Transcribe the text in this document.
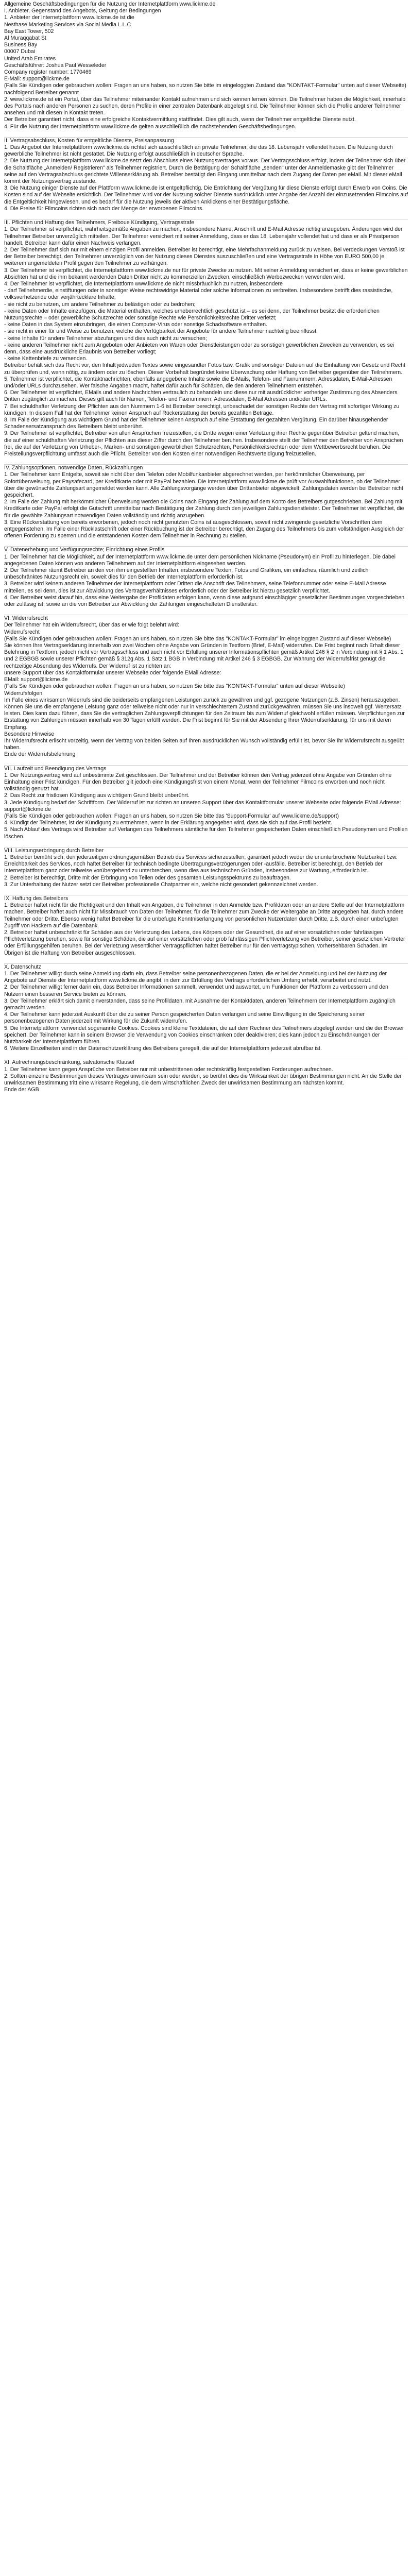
Allgemeine Geschäftsbedingungen für die Nutzung der Internetplattform www.lickme.de

I. Anbieter, Gegenstand des Angebots, Geltung der Bedingungen

1. Anbieter der Internetplattform www.lickme.de ist die

Nesthase Marketing Services via Social Media L.L.C
Bay East Tower, 502
Al Muraqqabat St
Business Bay
00007 Dubai
United Arab Emirates

Geschäftsführer: Joshua Paul Wesseleder
Company register number: 1770469

E-Mail: support@lickme.de
(Falls Sie Kündigen oder gebrauchen wollen: Fragen an uns haben, so nutzen Sie bitte im eingeloggten Zustand das "KONTAKT-Formular" unten auf dieser Webseite)

nachfolgend Betreiber genannt

2. www.lickme.de ist ein Portal, über das Teilnehmer miteinander Kontakt aufnehmen und sich kennen lernen können. Die Teilnehmer haben die Möglichkeit, innerhalb des Portals nach anderen Personen zu suchen, deren Profile in einer zentralen Datenbank abgelegt sind. Die Teilnehmer können sich die Profile anderer Teilnehmer ansehen und mit diesen in Kontakt treten.
Der Betreiber garantiert nicht, dass eine erfolgreiche Kontaktvermittlung stattfindet. Dies gilt auch, wenn der Teilnehmer entgeltliche Dienste nutzt.
4. Für die Nutzung der Internetplattform www.lickme.de gelten ausschließlich die nachstehenden Geschäftsbedingungen.

II. Vertragsabschluss, Kosten für entgeltliche Dienste, Preisanpassung

1. Das Angebot der Internetplattform www.lickme.de richtet sich ausschließlich an private Teilnehmer, die das 18. Lebensjahr vollendet haben. Die Nutzung durch gewerbliche Teilnehmer ist nicht gestattet. Die Nutzung erfolgt ausschließlich in deutscher Sprache.
2. Die Nutzung der Internetplattform www.lickme.de setzt den Abschluss eines Nutzungsvertrages voraus. Der Vertragsschluss erfolgt, indem der Teilnehmer sich über die Schaltfläche „Anmelden/ Registrieren" als Teilnehmer registriert. Durch die Betätigung der Schaltfläche „senden" unter der Anmeldemaske gibt der Teilnehmer seine auf den Vertragsabschluss gerichtete Willenserklärung ab. Betreiber bestätigt den Eingang unmittelbar nach dem Zugang der Daten per eMail. Mit dieser eMail kommt der Nutzungsvertrag zustande.
3. Die Nutzung einiger Dienste auf der Plattform www.lickme.de ist entgeltpflichtig. Die Entrichtung der Vergütung für diese Dienste erfolgt durch Erwerb von Coins. Die Kosten sind auf der Webseite ersichtlich. Der Teilnehmer wird vor der Nutzung solcher Dienste ausdrücklich unter Angabe der Anzahl der einzusetzenden Filmcoins auf die Entgeltlichkeit hingewiesen, und es bedarf für die Nutzung jeweils der aktiven Anklickens einer Bestätigungsfläche.
4. Die Preise für Filmcoins richten sich nach der Menge der erworbenen Filmcoins.

III. Pflichten und Haftung des Teilnehmers, Freiboue Kündigung, Vertragsstrafe

1. Der Teilnehmer ist verpflichtet, wahrheitsgemäße Angaben zu machen, insbesondere Name, Anschrift und E-Mail Adresse richtig anzugeben. Änderungen wird der Teilnehmer Betreiber unverzüglich mitteilen. Der Teilnehmer versichert mit seiner Anmeldung, dass er das 18. Lebensjahr vollendet hat und dass er als Privatperson handelt. Betreiber kann dafür einen Nachweis verlangen.
2. Der Teilnehmer darf sich nur mit einem einzigen Profil anmelden. Betreiber ist berechtigt, eine Mehrfachanmeldung zurück zu weisen. Bei verdeckungen Verstoß ist der Betreiber berechtigt, den Teilnehmer unverzüglich von der Nutzung dieses Dienstes auszuschließen und eine Vertragsstrafe in Höhe von EURO 500,00 je weiterem angemeldeten Profil gegen den Teilnehmer zu verhängen.
3. Der Teilnehmer ist verpflichtet, die Internetplattform www.lickme.de nur für private Zwecke zu nutzen. Mit seiner Anmeldung versichert er, dass er keine gewerblichen Absichten hat und die ihm bekannt werdenden Daten Dritter nicht zu kommerziellen Zwecken, einschließlich Werbezwecken verwenden wird.
4. Der Teilnehmer ist verpflichtet, die Internetplattform www.lickme.de nicht missbräuchlich zu nutzen, insbesondere
- darf Teilnehmerdie, einstiftungen oder in sonstiger Weise rechtswidrige Material oder solche Informationen zu verbreiten. Insbesondere betrifft dies rassistische, volksverhetzende oder verjährtecklare Inhalte;
- sie nicht zu benutzen, um andere Teilnehmer zu belästigen oder zu bedrohen;
- keine Daten oder Inhalte einzufügen, die Material enthalten, welches urheberrechtlich geschützt ist – es sei denn, der Teilnehmer besitzt die erforderlichen Nutzungsrechte – oder gewerbliche Schutzrechte oder sonstige Rechte wie Persönlichkeitsrechte Dritter verletzt;
- keine Daten in das System einzubringen, die einen Computer-Virus oder sonstige Schadsoftware enthalten.
- sie nicht in einer für und Weise zu benutzen, welche die Verfügbarkeit der Angebote für andere Teilnehmer nachteilig beeinflusst.
- keine Inhalte für andere Teilnehmer abzufangen und dies auch nicht zu versuchen;
- keine anderen Teilnehmer nicht zum Angeboten oder Anbieten von Waren oder Dienstleistungen oder zu sonstigen gewerblichen Zwecken zu verwenden, es sei denn, dass eine ausdrückliche Erlaubnis von Betreiber vorliegt;
- keine Kettenbriefe zu versenden.
Betreiber behält sich das Recht vor, den Inhalt jedweden Textes sowie eingesandter Fotos bzw. Grafik und sonstiger Dateien auf die Einhaltung von Gesetz und Recht zu überprüfen und, wenn nötig, zu ändern oder zu löschen. Dieser Vorbehalt begründet keine Überwachung oder Haftung von Betreiber gegenüber den Teilnehmern.
5. Teilnehmer ist verpflichtet, die Kontaktnachrichten, ebenfalls angegebene Inhalte sowie die E-Mails, Telefon- und Faxnummern, Adressdaten, E-Mail-Adressen und/oder URLs durchzusehen. Wer falsche Angaben macht, haftet dafür auch für Schäden, die den anderen Teilnehmern entstehen.
6. Der Teilnehmer ist verpflichtet, EMails und andere Nachrichten vertraulich zu behandeln und diese nur mit ausdrücklicher vorheriger Zustimmung des Absenders Dritten zugänglich zu machen. Dieses gilt auch für Namen, Telefon- und Faxnummern, Adressdaten, E-Mail Adressen und/oder URLs.
7. Bei schuldhafter Verletzung der Pflichten aus den Nummern 1-6 ist Betreiber berechtigt, unbeschadet der sonstigen Rechte den Vertrag mit sofortiger Wirkung zu kündigen. In diesem Fall hat der Teilnehmer keinen Anspruch auf Rückerstattung der bereits gezahlten Beträge.
8. Im Falle der Kündigung aus wichtigem Grund hat der Teilnehmer keinen Anspruch auf eine Erstattung der gezahlten Vergütung. Ein darüber hinausgehender Schadensersatzanspruch des Betreibers bleibt unberührt.

9. Der Teilnehmer ist verpflichtet, Betreiber von allen Ansprüchen freizustellen, die Dritte wegen einer Verletzung ihrer Rechte gegenüber Betreiber geltend machen, die auf einer schuldhaften Verletzung der Pflichten aus dieser Ziffer durch den Teilnehmer beruhen. Insbesondere stellt der Teilnehmer den Betreiber von Ansprüchen frei, die auf der Verletzung von Urheber-, Marken- und sonstigen gewerblichen Schutzrechten, Persönlichkeitsrechten oder dem Wettbewerbsrecht beruhen. Die Freistellungsverpflichtung umfasst auch die Pflicht, Betreiber von den Kosten einer notwendigen Rechtsverteidigung freizustellen.

IV. Zahlungsoptionen, notwendige Daten, Rückzahlungen

1. Der Teilnehmer kann Entgelte, soweit sie nicht über den Telefon oder Mobilfunkanbieter abgerechnet werden, per herkömmlicher Überweisung, per Sofortüberweisung, per Paysafecard, per Kreditkarte oder mit PayPal bezahlen. Die Internetplattform www.lickme.de prüft vor Auswahlfunktionen, ob der Teilnehmer über die gewünschte Zahlungsart angemeldet werden kann. Alle Zahlungsvorgänge werden über Drittanbieter abgewickelt; Zahlungsdaten werden bei Betreiber nicht gespeichert.
2. Im Falle der Zahlung mit herkömmlicher Überweisung werden die Coins nach Eingang der Zahlung auf dem Konto des Betreibers gutgeschrieben. Bei Zahlung mit Kreditkarte oder PayPal erfolgt die Gutschrift unmittelbar nach Bestätigung der Zahlung durch den jeweiligen Zahlungsdienstleister. Der Teilnehmer ist verpflichtet, die für die gewählte Zahlungsart notwendigen Daten vollständig und richtig anzugeben.
3. Eine Rückerstattung von bereits erworbenen, jedoch noch nicht genutzten Coins ist ausgeschlossen, soweit nicht zwingende gesetzliche Vorschriften dem entgegenstehen. Im Falle einer Rücklastschrift oder einer Rückbuchung ist der Betreiber berechtigt, den Zugang des Teilnehmers bis zum vollständigen Ausgleich der offenen Forderung zu sperren und die entstandenen Kosten dem Teilnehmer in Rechnung zu stellen.

V. Datenerhebung und Verfügungsrechte; Einrichtung eines Profils

1. Der Teilnehmer hat die Möglichkeit, auf der Internetplattform www.lickme.de unter dem persönlichen Nickname (Pseudonym) ein Profil zu hinterlegen. Die dabei angegebenen Daten können von anderen Teilnehmern auf der Internetplattform eingesehen werden.
2. Der Teilnehmer räumt Betreiber an den von ihm eingestellten Inhalten, insbesondere Texten, Fotos und Grafiken, ein einfaches, räumlich und zeitlich unbeschränktes Nutzungsrecht ein, soweit dies für den Betrieb der Internetplattform erforderlich ist.
3. Betreiber wird keinem anderen Teilnehmer der Internetplattform oder Dritten die Anschrift des Teilnehmers, seine Telefonnummer oder seine E-Mail Adresse mitteilen, es sei denn, dies ist zur Abwicklung des Vertragsverhältnisses erforderlich oder der Betreiber ist hierzu gesetzlich verpflichtet.
4. Der Betreiber weist darauf hin, dass eine Weitergabe der Profildaten erfolgen kann, wenn diese aufgrund einschlägiger gesetzlicher Bestimmungen vorgeschrieben oder zulässig ist, sowie an die von Betreiber zur Abwicklung der Zahlungen eingeschalteten Dienstleister.

VI. Widerrufsrecht

Der Teilnehmer hat ein Widerrufsrecht, über das er wie folgt belehrt wird:

Widerrufsrecht

(Falls Sie Kündigen oder gebrauchen wollen: Fragen an uns haben, so nutzen Sie bitte das "KONTAKT-Formular" im eingeloggten Zustand auf dieser Webseite)

Sie können Ihre Vertragserklärung innerhalb von zwei Wochen ohne Angabe von Gründen in Textform (Brief, E-Mail) widerrufen. Die Frist beginnt nach Erhalt dieser Belehrung in Textform, jedoch nicht vor Vertragsschluss und auch nicht vor Erfüllung unserer Informationspflichten gemäß Artikel 246 § 2 in Verbindung mit § 1 Abs. 1 und 2 EGBGB sowie unserer Pflichten gemäß § 312g Abs. 1 Satz 1 BGB in Verbindung mit Artikel 246 § 3 EGBGB. Zur Wahrung der Widerrufsfrist genügt die rechtzeitige Absendung des Widerrufs. Der Widerruf ist zu richten an:
unsere Support über das Kontaktformular unserer Webseite oder folgende EMail Adresse:

EMail: support@lickme.de
(Falls Sie Kündigen oder gebrauchen wollen: Fragen an uns haben, so nutzen Sie bitte das "KONTAKT-Formular" unten auf dieser Webseite)

Widerrufsfolgen

Im Falle eines wirksamen Widerrufs sind die beiderseits empfangenen Leistungen zurück zu gewähren und ggf. gezogene Nutzungen (z.B. Zinsen) herauszugeben. Können Sie uns die empfangene Leistung ganz oder teilweise nicht oder nur in verschlechtertem Zustand zurückgewähren, müssen Sie uns insoweit ggf. Wertersatz leisten. Dies kann dazu führen, dass Sie die vertraglichen Zahlungsverpflichtungen für den Zeitraum bis zum Widerruf gleichwohl erfüllen müssen. Verpflichtungen zur Erstattung von Zahlungen müssen innerhalb von 30 Tagen erfüllt werden. Die Frist beginnt für Sie mit der Absendung Ihrer Widerrufserklärung, für uns mit deren Empfang.

Besondere Hinweise

Ihr Widerrufsrecht erlischt vorzeitig, wenn der Vertrag von beiden Seiten auf Ihren ausdrücklichen Wunsch vollständig erfüllt ist, bevor Sie Ihr Widerrufsrecht ausgeübt haben.

Ende der Widerrufsbelehrung

VII. Laufzeit und Beendigung des Vertrags

1. Der Nutzungsvertrag wird auf unbestimmte Zeit geschlossen. Der Teilnehmer und der Betreiber können den Vertrag jederzeit ohne Angabe von Gründen ohne Einhaltung einer Frist kündigen. Für den Betreiber gilt jedoch eine Kündigungsfrist von einem Monat, wenn der Teilnehmer Filmcoins erworben und noch nicht vollständig genutzt hat.
2. Das Recht zur fristlosen Kündigung aus wichtigem Grund bleibt unberührt.
3. Jede Kündigung bedarf der Schriftform. Der Widerruf ist zur richten an unseren Support über das Kontaktformular unserer Webseite oder folgende EMail Adresse:
support@lickme.de
(Falls Sie Kündigen oder gebrauchen wollen: Fragen an uns haben, so nutzen Sie bitte das 'Support-Formular' auf www.lickme.de/support)
4. Kündigt der Teilnehmer, ist der Kündigung zu entnehmen, wenn in der Erklärung angegeben wird, dass sie sich auf das Profil bezieht.
5. Nach Ablauf des Vertrags wird Betreiber auf Verlangen des Teilnehmers sämtliche für den Teilnehmer gespeicherten Daten einschließlich Pseudonymen und Profilen löschen.

VIII. Leistungserbringung durch Betreiber

1. Betreiber bemüht sich, den jederzeitigen ordnungsgemäßen Betrieb des Services sicherzustellen, garantiert jedoch weder die ununterbrochene Nutzbarkeit bzw. Erreichbarkeit des Services, noch haftet Betreiber für technisch bedingte Übertragungsverzögerungen oder -ausfälle. Betreiber ist berechtigt, den Betrieb der Internetplattform ganz oder teilweise vorübergehend zu unterbrechen, wenn dies aus technischen Gründen, insbesondere zur Wartung, erforderlich ist.
2. Betreiber ist berechtigt, Dritte mit der Erbringung von Teilen oder des gesamten Leistungsspektrums zu beauftragen.
3. Zur Unterhaltung der Nutzer setzt der Betreiber professionelle Chatpartner ein, welche nicht gesondert gekennzeichnet werden.

IX. Haftung des Betreibers

1. Betreiber haftet nicht für die Richtigkeit und den Inhalt von Angaben, die Teilnehmer in den Anmelde bzw. Profildaten oder an andere Stelle auf der Internetplattform machen. Betreiber haftet auch nicht für Missbrauch von Daten der Teilnehmer, für die Teilnehmer zum Zwecke der Weitergabe an Dritte angegeben hat, durch andere Teilnehmer oder Dritte. Ebenso wenig haftet Betreiber für die unbefugte Kenntniserlangung von persönlichen Nutzerdaten durch Dritte, z.B. durch einen unbefugten Zugriff von Hackern auf die Datenbank.
2. Betreiber haftet unbeschränkt für Schäden aus der Verletzung des Lebens, des Körpers oder der Gesundheit, die auf einer vorsätzlichen oder fahrlässigen Pflichtverletzung beruhen, sowie für sonstige Schäden, die auf einer vorsätzlichen oder grob fahrlässigen Pflichtverletzung von Betreiber, seiner gesetzlichen Vertreter oder Erfüllungsgehilfen beruhen. Bei der Verletzung wesentlicher Vertragspflichten haftet Betreiber nur für den vertragstypischen, vorhersehbaren Schaden. Im Übrigen ist die Haftung von Betreiber ausgeschlossen.

X. Datenschutz

1. Der Teilnehmer willigt durch seine Anmeldung darin ein, dass Betreiber seine personenbezogenen Daten, die er bei der Anmeldung und bei der Nutzung der Angebote auf Dienste der Internetplattform www.lickme.de angibt, in dem zur Erfüllung des Vertrags erforderlichen Umfang erhebt, verarbeitet und nutzt.
2. Der Teilnehmer willigt ferner darin ein, dass Betreiber Informationen sammelt, verwendet und auswertet, um Funktionen der Plattform zu verbessern und den Nutzern einen besseren Service bieten zu können.
3. Der Teilnehmer erklärt sich damit einverstanden, dass seine Profildaten, mit Ausnahme der Kontaktdaten, anderen Teilnehmern der Internetplattform zugänglich gemacht werden.
4. Der Teilnehmer kann jederzeit Auskunft über die zu seiner Person gespeicherten Daten verlangen und seine Einwilligung in die Speicherung seiner personenbezogenen Daten jederzeit mit Wirkung für die Zukunft widerrufen.
5. Die Internetplattform verwendet sogenannte Cookies. Cookies sind kleine Textdateien, die auf dem Rechner des Teilnehmers abgelegt werden und die der Browser speichert. Der Teilnehmer kann in seinem Browser die Verwendung von Cookies einschränken oder deaktivieren; dies kann jedoch zu Einschränkungen der Nutzbarkeit der Internetplattform führen.
6. Weitere Einzelheiten sind in der Datenschutzerklärung des Betreibers geregelt, die auf der Internetplattform jederzeit abrufbar ist.

XI. Aufrechnungsbeschränkung, salvatorische Klausel

1. Der Teilnehmer kann gegen Ansprüche von Betreiber nur mit unbestrittenen oder rechtskräftig festgestellten Forderungen aufrechnen.
2. Sollten einzelne Bestimmungen dieses Vertrages unwirksam sein oder werden, so berührt dies die Wirksamkeit der übrigen Bestimmungen nicht. An die Stelle der unwirksamen Bestimmung tritt eine wirksame Regelung, die dem wirtschaftlichen Zweck der unwirksamen Bestimmung am nächsten kommt.

Ende der AGB
